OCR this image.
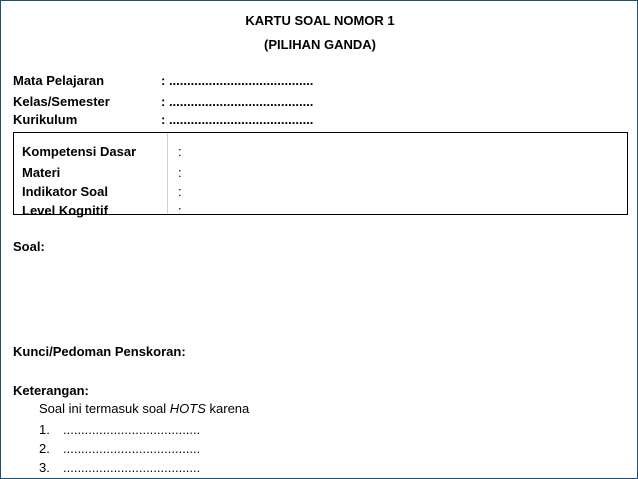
KARTU SOAL NOMOR 1
(PILIHAN GANDA)
Mata Pelajaran	: ........................................
Kelas/Semester	: ........................................
Kurikulum	: ........................................
Kompetensi Dasar	:
Materi	:
Indikator Soal	:
Level Kognitif	:
Soal:
Kunci/Pedoman Penskoran:
Keterangan:
Soal ini termasuk soal HOTS karena
1. ......................................
2. ......................................
3. ......................................
